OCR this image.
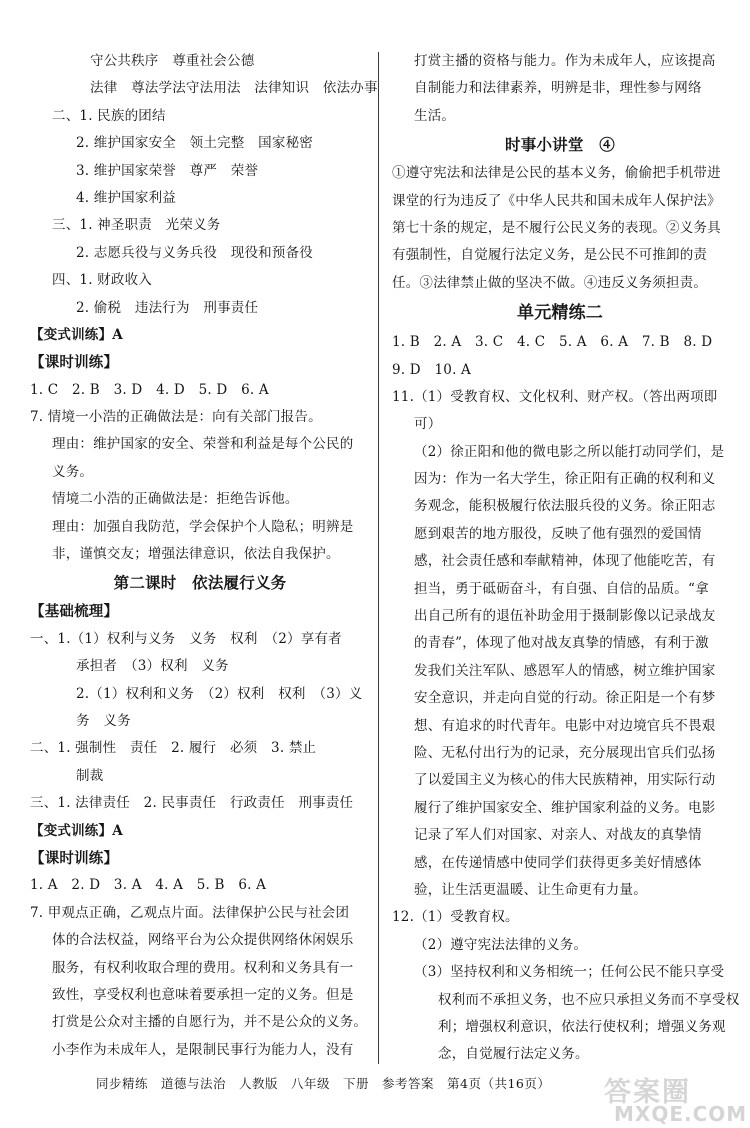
守公共秩序　尊重社会公德
法律　尊法学法守法用法　法律知识　依法办事
二、1. 民族的团结
2. 维护国家安全　领土完整　国家秘密
3. 维护国家荣誉　尊严　荣誉
4. 维护国家利益
三、1. 神圣职责　光荣义务
2. 志愿兵役与义务兵役　现役和预备役
四、1. 财政收入
2. 偷税　违法行为　刑事责任
【变式训练】A
【课时训练】
1. C　2. B　3. D　4. D　5. D　6. A
7. 情境一小浩的正确做法是：向有关部门报告。
理由：维护国家的安全、荣誉和利益是每个公民的
义务。
情境二小浩的正确做法是：拒绝告诉他。
理由：加强自我防范，学会保护个人隐私；明辨是
非，谨慎交友；增强法律意识，依法自我保护。
第二课时　依法履行义务
【基础梳理】
一、1.（1）权利与义务　义务　权利　（2）享有者
承担者　（3）权利　义务
2.（1）权利和义务　（2）权利　权利　（3）义
务　义务
二、1. 强制性　责任　2. 履行　必须　3. 禁止
制裁
三、1. 法律责任　2. 民事责任　行政责任　刑事责任
【变式训练】A
【课时训练】
1. A　2. D　3. A　4. A　5. B　6. A
7. 甲观点正确，乙观点片面。法律保护公民与社会团
体的合法权益，网络平台为公众提供网络休闲娱乐
服务，有权利收取合理的费用。权利和义务具有一
致性，享受权利也意味着要承担一定的义务。但是
打赏是公众对主播的自愿行为，并不是公众的义务。
小李作为未成年人，是限制民事行为能力人，没有
打赏主播的资格与能力。作为未成年人，应该提高
自制能力和法律素养，明辨是非，理性参与网络
生活。
时事小讲堂　④
①遵守宪法和法律是公民的基本义务，偷偷把手机带进
课堂的行为违反了《中华人民共和国未成年人保护法》
第七十条的规定，是不履行公民义务的表现。②义务具
有强制性，自觉履行法定义务，是公民不可推卸的责
任。③法律禁止做的坚决不做。④违反义务须担责。
单元精练二
1. B　2. A　3. C　4. C　5. A　6. A　7. B　8. D
9. D　10. A
11.（1）受教育权、文化权利、财产权。（答出两项即
可）
（2）徐正阳和他的微电影之所以能打动同学们，是
因为：作为一名大学生，徐正阳有正确的权利和义
务观念，能积极履行依法服兵役的义务。徐正阳志
愿到艰苦的地方服役，反映了他有强烈的爱国情
感，社会责任感和奉献精神，体现了他能吃苦，有
担当，勇于砥砺奋斗，有自强、自信的品质。“拿
出自己所有的退伍补助金用于摄制影像以记录战友
的青春”，体现了他对战友真挚的情感，有利于激
发我们关注军队、感恩军人的情感，树立维护国家
安全意识，并走向自觉的行动。徐正阳是一个有梦
想、有追求的时代青年。电影中对边境官兵不畏艰
险、无私付出行为的记录，充分展现出官兵们弘扬
了以爱国主义为核心的伟大民族精神，用实际行动
履行了维护国家安全、维护国家利益的义务。电影
记录了军人们对国家、对亲人、对战友的真挚情
感，在传递情感中使同学们获得更多美好情感体
验，让生活更温暖、让生命更有力量。
12.（1）受教育权。
（2）遵守宪法法律的义务。
（3）坚持权利和义务相统一；任何公民不能只享受
权利而不承担义务，也不应只承担义务而不享受权
利；增强权利意识，依法行使权利；增强义务观
念，自觉履行法定义务。
同步精练　道德与法治　人教版　八年级　下册　参考答案　第4页（共16页） 答案圈
MXQE.COM
